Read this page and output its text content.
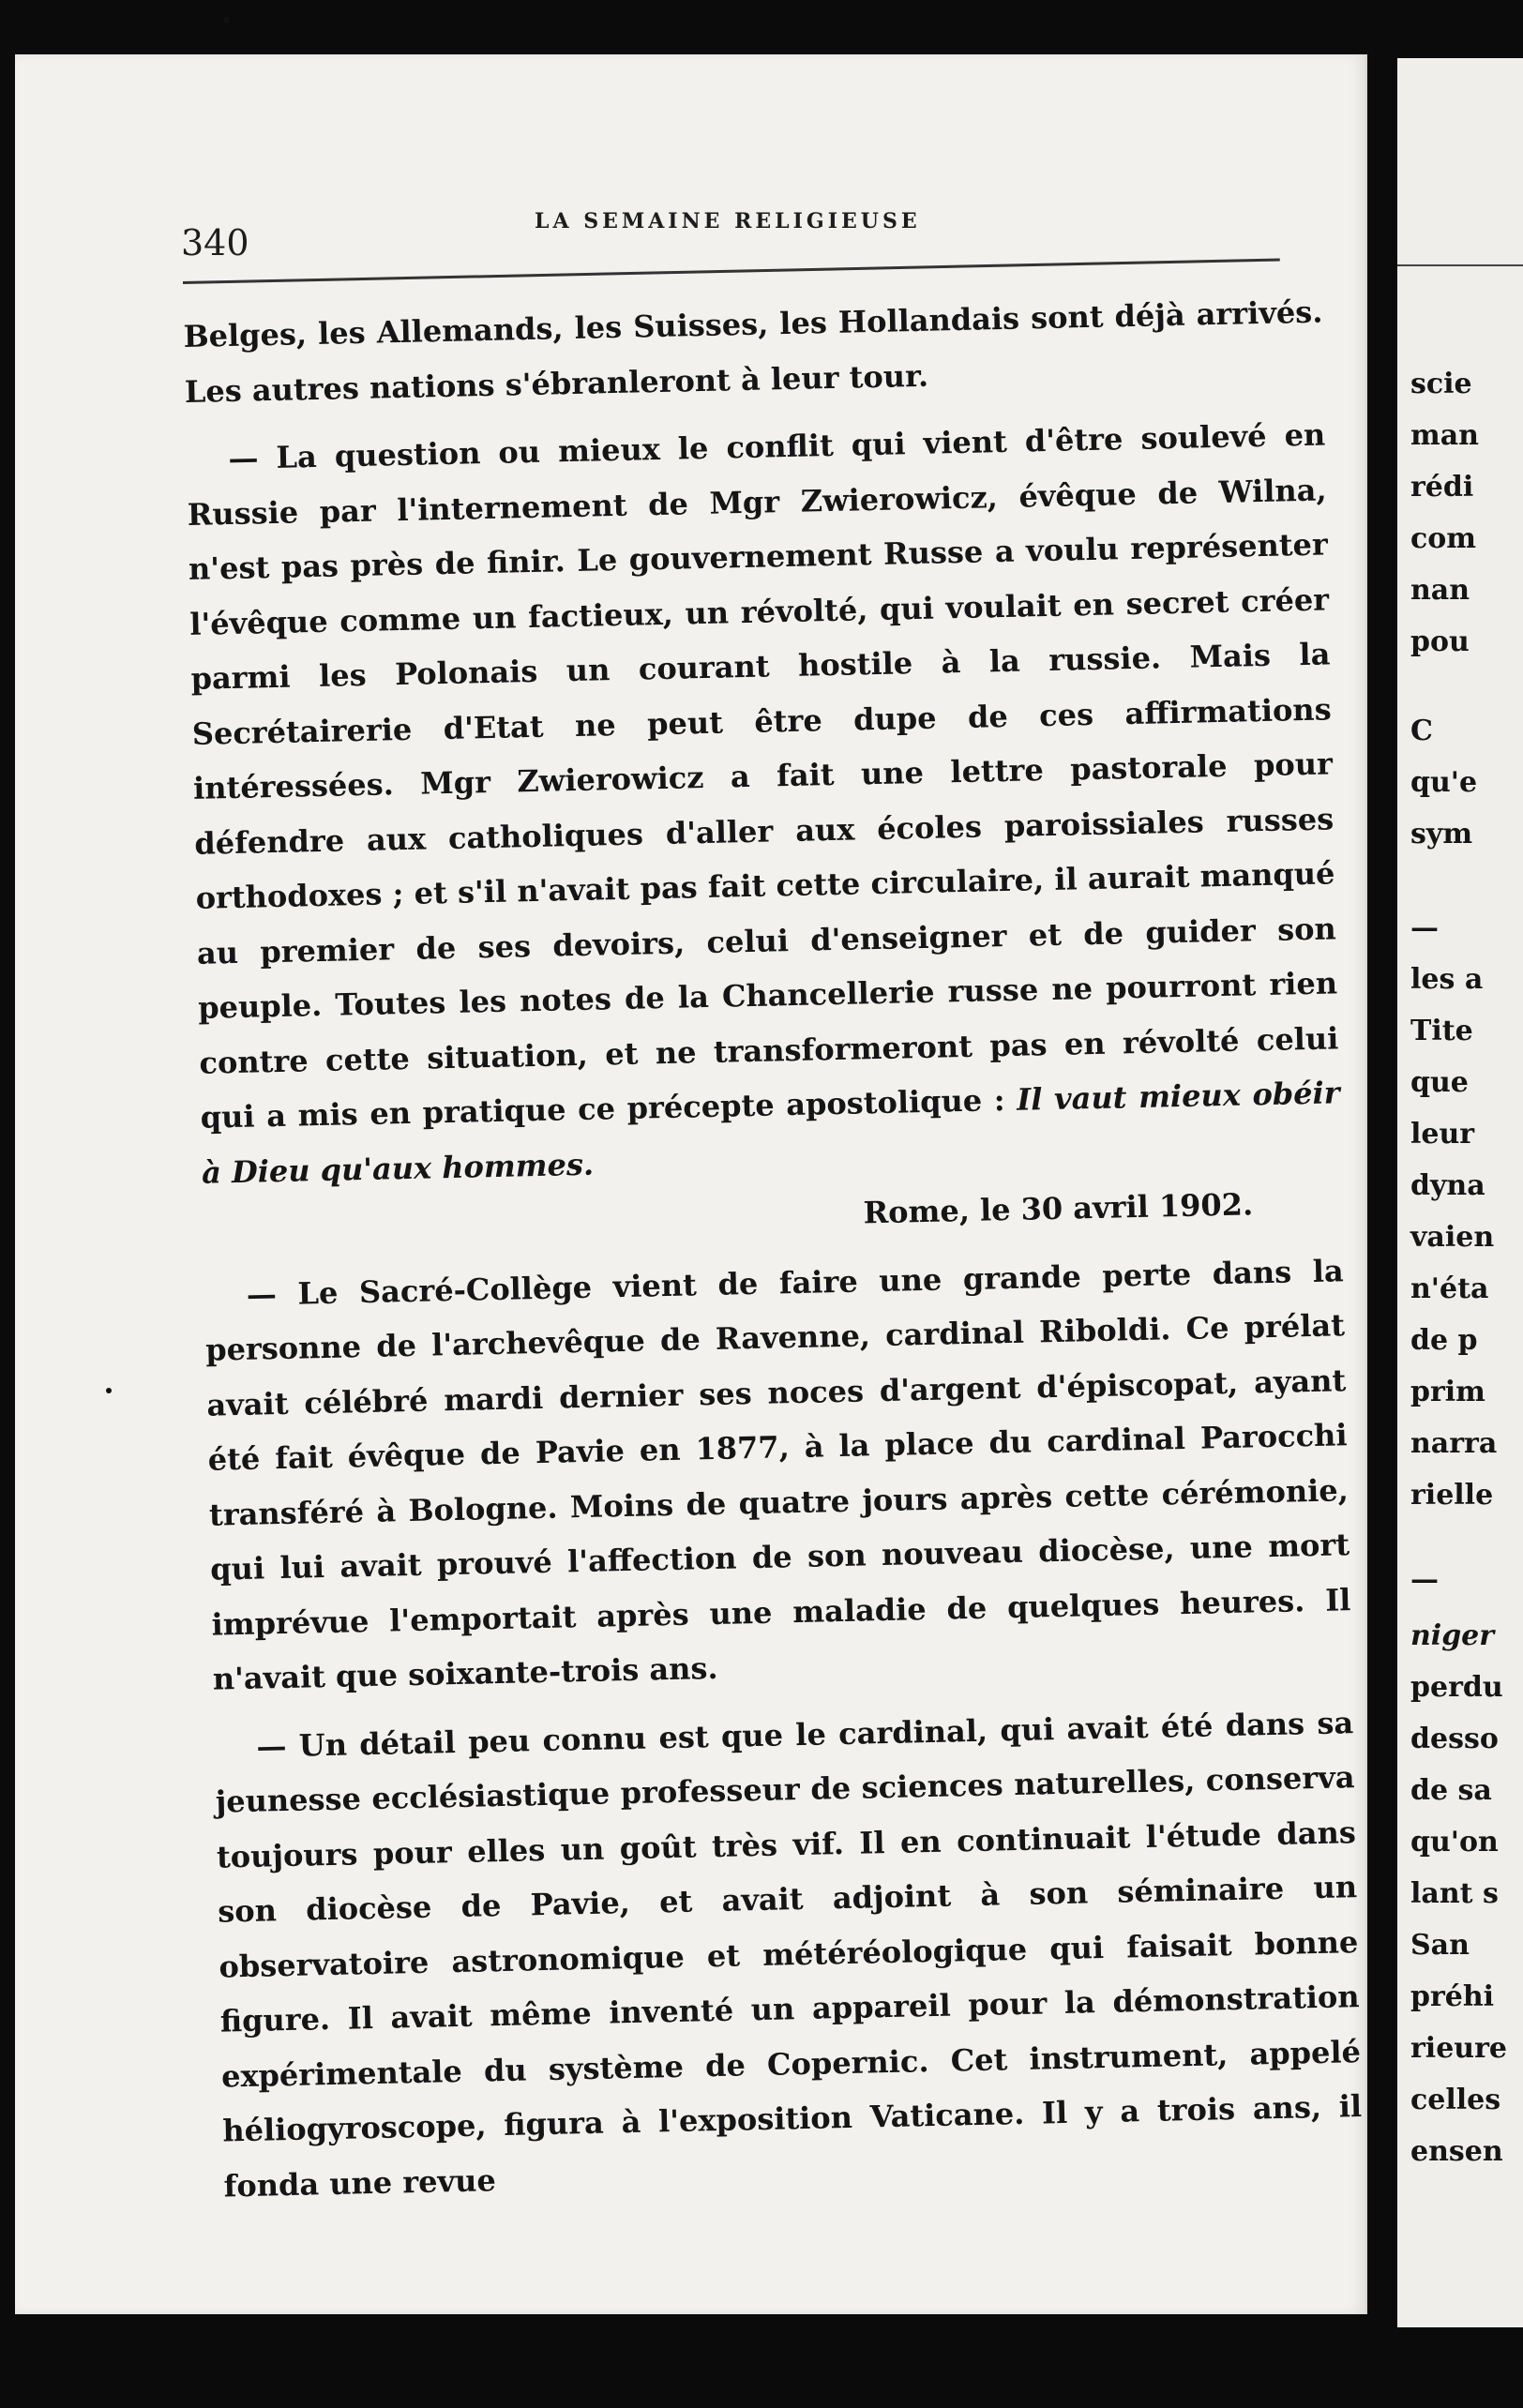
340
LA SEMAINE RELIGIEUSE

Belges, les Allemands, les Suisses, les Hollandais sont déjà arrivés. Les autres nations s'ébranleront à leur tour.

— La question ou mieux le conflit qui vient d'être soulevé en Russie par l'internement de Mgr Zwierowicz, évêque de Wilna, n'est pas près de finir. Le gouvernement Russe a voulu représenter l'évêque comme un factieux, un révolté, qui voulait en secret créer parmi les Polonais un courant hostile à la russie. Mais la Secrétairerie d'Etat ne peut être dupe de ces affirmations intéressées. Mgr Zwierowicz a fait une lettre pastorale pour défendre aux catholiques d'aller aux écoles paroissiales russes orthodoxes ; et s'il n'avait pas fait cette circulaire, il aurait manqué au premier de ses devoirs, celui d'enseigner et de guider son peuple. Toutes les notes de la Chancellerie russe ne pourront rien contre cette situation, et ne transformeront pas en révolté celui qui a mis en pratique ce précepte apostolique : Il vaut mieux obéir à Dieu qu'aux hommes.

Rome, le 30 avril 1902.

— Le Sacré-Collège vient de faire une grande perte dans la personne de l'archevêque de Ravenne, cardinal Riboldi. Ce prélat avait célébré mardi dernier ses noces d'argent d'épiscopat, ayant été fait évêque de Pavie en 1877, à la place du cardinal Parocchi transféré à Bologne. Moins de quatre jours après cette cérémonie, qui lui avait prouvé l'affection de son nouveau diocèse, une mort imprévue l'emportait après une maladie de quelques heures. Il n'avait que soixante-trois ans.

— Un détail peu connu est que le cardinal, qui avait été dans sa jeunesse ecclésiastique professeur de sciences naturelles, conserva toujours pour elles un goût très vif. Il en continuait l'étude dans son diocèse de Pavie, et avait adjoint à son séminaire un observatoire astronomique et météréologique qui faisait bonne figure. Il avait même inventé un appareil pour la démonstration expérimentale du système de Copernic. Cet instrument, appelé héliogyroscope, figura à l'exposition Vaticane. Il y a trois ans, il fonda une revue

scie
man
rédi
com
nan
pou
C
qu'e
sym
—
les a
Tite
que
leur
dyna
vaien
n'éta
de p
prim
narra
rielle
—
niger
perdu
desso
de sa
qu'on
lant s
San
préhi
rieure
celles
ensen
